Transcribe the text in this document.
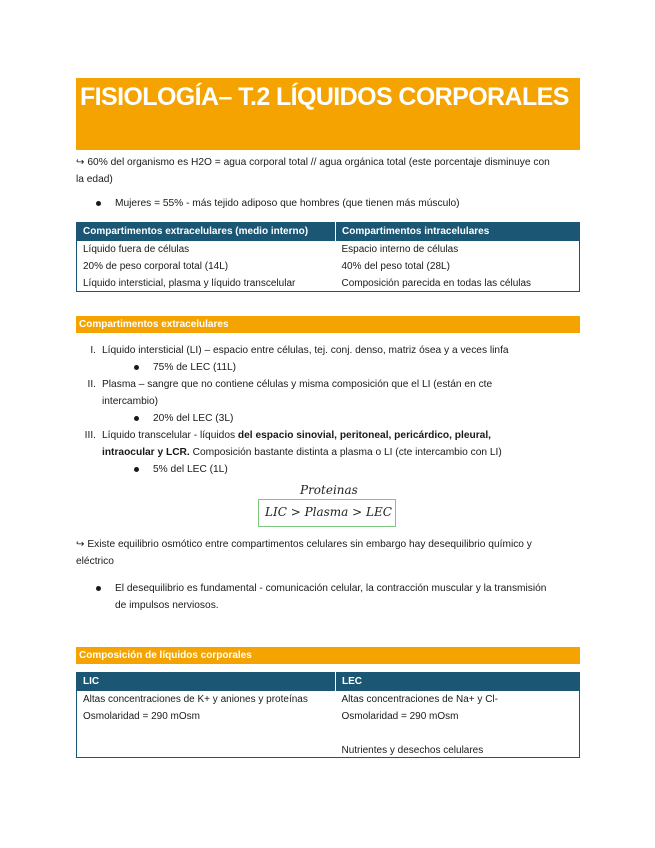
FISIOLOGÍA– T.2 LÍQUIDOS CORPORALES

↪ 60% del organismo es H2O = agua corporal total // agua orgánica total (este porcentaje disminuye con
la edad)

Mujeres = 55% - más tejido adiposo que hombres (que tienen más músculo)
Compartimentos extracelulares (medio interno)	Compartimentos intracelulares
Líquido fuera de células	Espacio interno de células
20% de peso corporal total (14L)	40% del peso total (28L)
Líquido intersticial, plasma y líquido transcelular	Composición parecida en todas las células
Compartimentos extracelulares
I. Líquido intersticial (LI) – espacio entre células, tej. conj. denso, matriz ósea y a veces linfa
75% de LEC (11L)
II. Plasma – sangre que no contiene células y misma composición que el LI (están en cte
intercambio)
20% del LEC (3L)
III. Líquido transcelular - líquidos del espacio sinovial, peritoneal, pericárdico, pleural,
intraocular y LCR. Composición bastante distinta a plasma o LI (cte intercambio con LI)
5% del LEC (1L)
Proteinas
LIC > Plasma > LEC

↪ Existe equilibrio osmótico entre compartimentos celulares sin embargo hay desequilibrio químico y
eléctrico

El desequilibrio es fundamental - comunicación celular, la contracción muscular y la transmisión
de impulsos nerviosos.
Composición de líquidos corporales
LIC	LEC
Altas concentraciones de K+ y aniones y proteínas	Altas concentraciones de Na+ y Cl-
Osmolaridad = 290 mOsm	Osmolaridad = 290 mOsm

	Nutrientes y desechos celulares
